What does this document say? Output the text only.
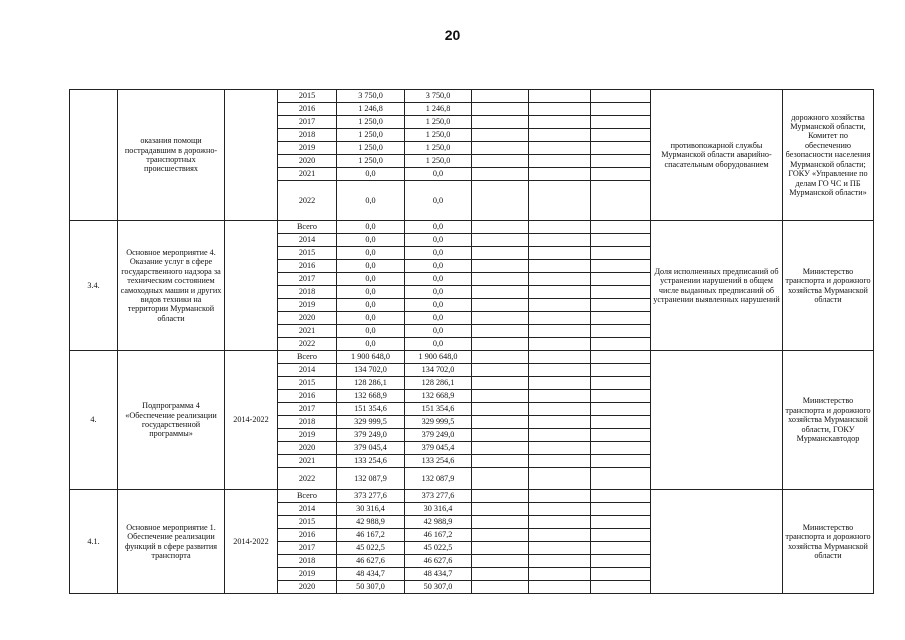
20
	оказания помощи пострадавшим в дорожно-транспортных происшествиях		2015	3 750,0	3 750,0				противопожарной службы Мурманской области аварийно-спасательным оборудованием	дорожного хозяйства Мурманской области, Комитет по обеспечению безопасности населения Мурманской области; ГОКУ «Управление по делам ГО ЧС и ПБ Мурманской области»
			2016	1 246,8	1 246,8					
			2017	1 250,0	1 250,0					
			2018	1 250,0	1 250,0					
			2019	1 250,0	1 250,0					
			2020	1 250,0	1 250,0					
			2021	0,0	0,0					
			2022	0,0	0,0					
3.4.	Основное мероприятие 4. Оказание услуг в сфере государственного надзора за техническим состоянием самоходных машин и других видов техники на территории Мурманской области		Всего	0,0	0,0				Доля исполненных предписаний об устранении нарушений в общем числе выданных предписаний об устранении выявленных нарушений	Министерство транспорта и дорожного хозяйства Мурманской области
			2014	0,0	0,0					
			2015	0,0	0,0					
			2016	0,0	0,0					
			2017	0,0	0,0					
			2018	0,0	0,0					
			2019	0,0	0,0					
			2020	0,0	0,0					
			2021	0,0	0,0					
			2022	0,0	0,0					
4.	Подпрограмма 4 «Обеспечение реализации государственной программы»	2014-2022	Всего	1 900 648,0	1 900 648,0					Министерство транспорта и дорожного хозяйства Мурманской области, ГОКУ Мурманскавтодор
			2014	134 702,0	134 702,0					
			2015	128 286,1	128 286,1					
			2016	132 668,9	132 668,9					
			2017	151 354,6	151 354,6					
			2018	329 999,5	329 999,5					
			2019	379 249,0	379 249,0					
			2020	379 045,4	379 045,4					
			2021	133 254,6	133 254,6					
			2022	132 087,9	132 087,9					
4.1.	Основное мероприятие 1. Обеспечение реализации функций в сфере развития транспорта	2014-2022	Всего	373 277,6	373 277,6					Министерство транспорта и дорожного хозяйства Мурманской области
			2014	30 316,4	30 316,4					
			2015	42 988,9	42 988,9					
			2016	46 167,2	46 167,2					
			2017	45 022,5	45 022,5					
			2018	46 627,6	46 627,6					
			2019	48 434,7	48 434,7					
			2020	50 307,0	50 307,0					
